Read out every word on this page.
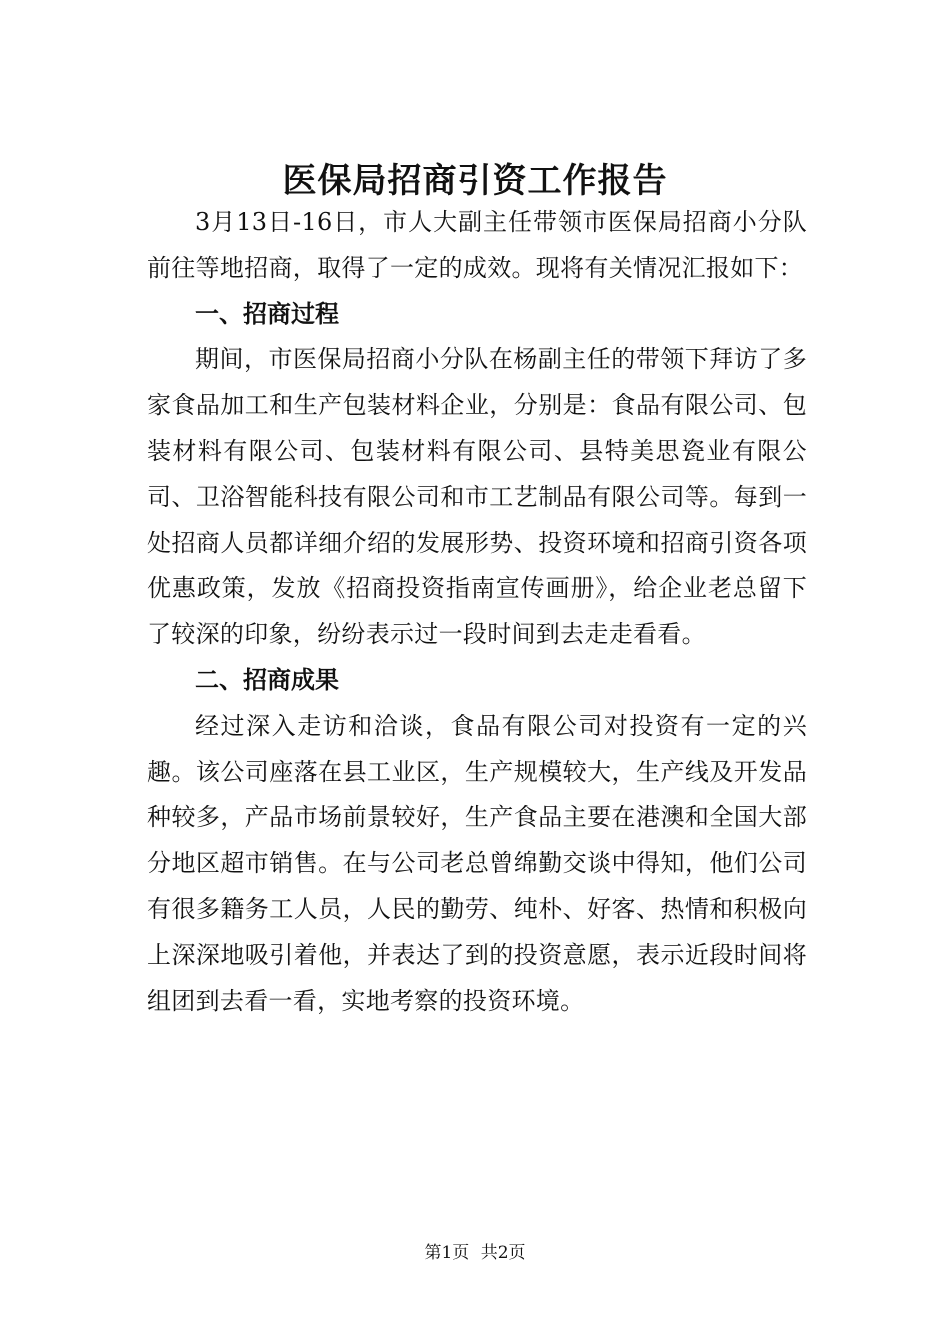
医保局招商引资工作报告

3月13日-16日，市人大副主任带领市医保局招商小分队前往等地招商，取得了一定的成效。现将有关情况汇报如下：

一、招商过程

期间，市医保局招商小分队在杨副主任的带领下拜访了多家食品加工和生产包装材料企业，分别是：食品有限公司、包装材料有限公司、包装材料有限公司、县特美思瓷业有限公司、卫浴智能科技有限公司和市工艺制品有限公司等。每到一处招商人员都详细介绍的发展形势、投资环境和招商引资各项优惠政策，发放《招商投资指南宣传画册》，给企业老总留下了较深的印象，纷纷表示过一段时间到去走走看看。

二、招商成果

经过深入走访和洽谈，食品有限公司对投资有一定的兴趣。该公司座落在县工业区，生产规模较大，生产线及开发品种较多，产品市场前景较好，生产食品主要在港澳和全国大部分地区超市销售。在与公司老总曾绵勤交谈中得知，他们公司有很多籍务工人员，人民的勤劳、纯朴、好客、热情和积极向上深深地吸引着他，并表达了到的投资意愿，表示近段时间将组团到去看一看，实地考察的投资环境。

第1页 共2页
